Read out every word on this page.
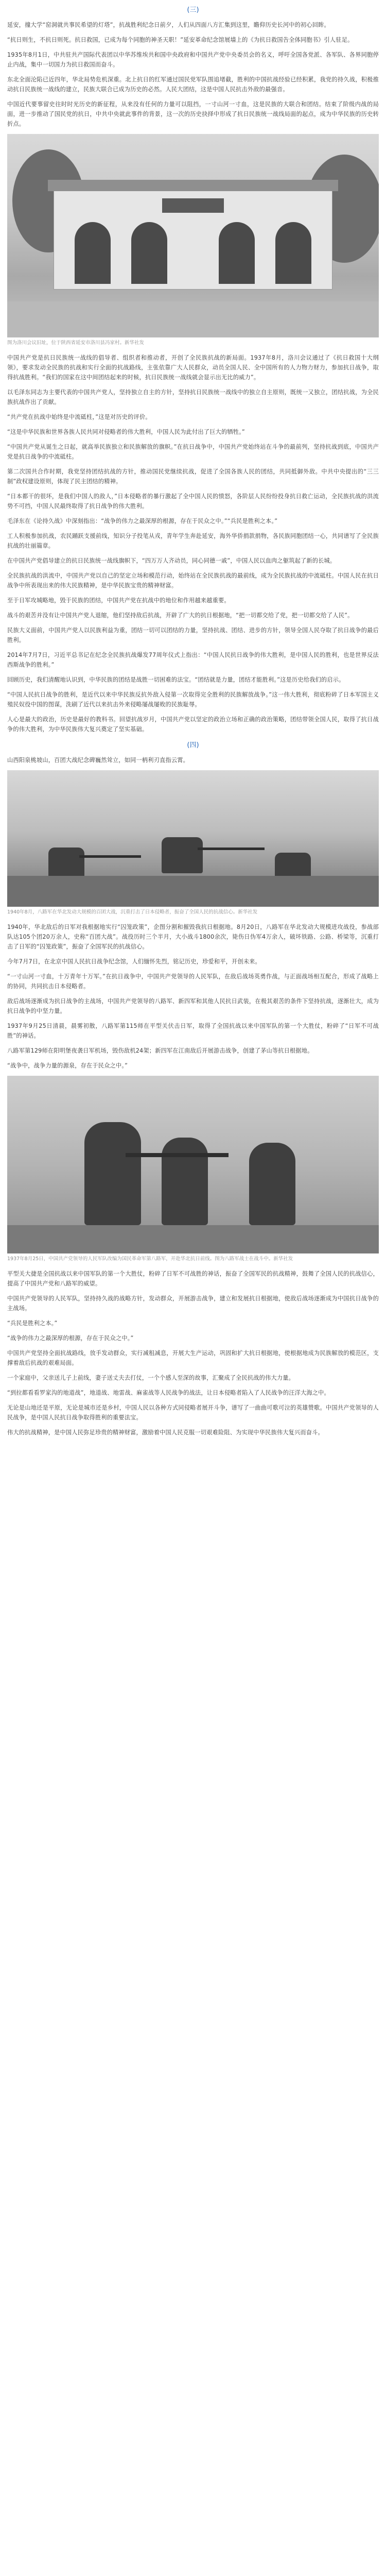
(三)

延安，撞大学“窑洞就共事民希望的灯塔”，抗战胜利纪念日前夕，人们从四面八方汇集到这里，瞻仰历史长河中的初心回眸。

“抗日则生，不抗日则死。抗日救国，已成为每个同胞的神圣天职！”延安革命纪念馆展墙上的《为抗日救国告全体同胞书》引人驻足。

1935年8月1日，中共驻共产国际代表团以中华苏维埃共和国中央政府和中国共产党中央委员会的名义，呼吁全国各党派、各军队、各界同胞停止内战，集中一切国力为抗日救国而奋斗。

东北全面沦陷已近四年，华北局势危机深重。北上抗日的红军通过国民党军队围追堵截，胜利的中国抗战经验已经积累，我党的持久战，积极推动抗日民族统一战线的建立，民族大联合已成为历史的必然。人民大团结，这是中国人民抗击外敌的最强音。

中国近代要事留史往时时光历史的新征程，从来没有任何的力量可以阻挡，一寸山河一寸血，这是民族的大联合和团结。结束了阶级内战的局面，进一步推动了国民党的抗日，中共中央就此事件的背景，这一次的历史抉择中形成了抗日民族统一战线局面的起点，成为中华民族的历史转折点。

图为洛川会议旧址，位于陕西省延安市洛川县冯家村。新华社发

中国共产党是抗日民族统一战线的倡导者、组织者和推动者，开创了全民族抗战的新局面。1937年8月，洛川会议通过了《抗日救国十大纲领》，要求发动全民族的抗战和实行全面的抗战路线，主张依靠广大人民群众，动员全国人民、全中国所有的人力物力财力，参加抗日战争，取得抗战胜利。“我们的国家在这中间团结起来的时候，抗日民族统一战线就会显示出无比的威力”。

以毛泽东同志为主要代表的中国共产党人，坚持独立自主的方针，坚持抗日民族统一战线中的独立自主原则，既统一又独立，团结抗战，为全民族抗战作出了贡献。

“共产党在抗战中始终是中流砥柱，”这是对历史的评价。

“这是中华民族和世界各族人民共同对侵略者的伟大胜利，中国人民为此付出了巨大的牺牲。”

“中国共产党从诞生之日起，就高举民族独立和民族解放的旗帜。”在抗日战争中，中国共产党始终站在斗争的最前列，坚持抗战到底，中国共产党是抗日战争的中流砥柱。

第二次国共合作时期，我党坚持团结抗战的方针，推动国民党继续抗战，促进了全国各族人民的团结，共同抵御外敌。中共中央提出的“三三制”政权建设原则，体现了民主团结的精神。

“日本都干的很坏，是我们中国人的敌人，”日本侵略者的暴行激起了全中国人民的愤怒，各阶层人民纷纷投身抗日救亡运动，全民族抗战的洪流势不可挡，中国人民最终取得了抗日战争的伟大胜利。

毛泽东在《论持久战》中深刻指出：“战争的伟力之最深厚的根源，存在于民众之中。”“兵民是胜利之本。”

工人积极参加抗战，农民踊跃支援前线，知识分子投笔从戎，青年学生奔赴延安，海外华侨捐款捐物，各民族同胞团结一心，共同谱写了全民族抗战的壮丽篇章。

在中国共产党倡导建立的抗日民族统一战线旗帜下，“四万万人齐动员，同心同德一戚”，中国人民以血肉之躯筑起了新的长城。

全民族抗战的洪流中，中国共产党以自己的坚定立场和模范行动，始终站在全民族抗战的最前线，成为全民族抗战的中流砥柱。中国人民在抗日战争中所表现出来的伟大民族精神，是中华民族宝贵的精神财富。

至于日军攻城略地，毁于民族的团结，中国共产党在抗战中的地位和作用越来越重要。

战斗的艰苦并没有让中国共产党人退缩，他们坚持敌后抗战，开辟了广大的抗日根据地，“把一切都交给了党，把一切都交给了人民”。

民族大义面前，中国共产党人以民族利益为重，团结一切可以团结的力量，坚持抗战、团结、进步的方针，领导全国人民夺取了抗日战争的最后胜利。

2014年7月7日，习近平总书记在纪念全民族抗战爆发77周年仪式上指出：“中国人民抗日战争的伟大胜利，是中国人民的胜利，也是世界反法西斯战争的胜利。”

回顾历史，我们清醒地认识到，中华民族的团结是战胜一切困难的法宝。“团结就是力量，团结才能胜利。”这是历史给我们的启示。

“中国人民抗日战争的胜利，是近代以来中华民族反抗外敌入侵第一次取得完全胜利的民族解放战争。”这一伟大胜利，彻底粉碎了日本军国主义殖民奴役中国的图谋，洗刷了近代以来抗击外来侵略屡战屡败的民族耻辱。

人心是最大的政治，历史是最好的教科书。回望抗战岁月，中国共产党以坚定的政治立场和正确的政治策略，团结带领全国人民，取得了抗日战争的伟大胜利，为中华民族伟大复兴奠定了坚实基础。

(四)

山西阳泉桃坡山，百团大战纪念碑巍然耸立，如同一柄利刃直指云霄。

1940年8月，八路军在华北发动大规模的百团大战，沉重打击了日本侵略者，振奋了全国人民的抗战信心。新华社发

1940年，华北敌后的日军对我根据地实行“囚笼政策”，企图分割和摧毁我抗日根据地。8月20日，八路军在华北发动大规模进攻战役，参战部队达105个团20万余人，史称“百团大战”。战役历时三个半月，大小战斗1800余次，毙伤日伪军4万余人，破坏铁路、公路、桥梁等，沉重打击了日军的“囚笼政策”，振奋了全国军民的抗战信心。

今年7月7日，在北京中国人民抗日战争纪念馆，人们缅怀先烈，铭记历史，珍爱和平，开创未来。

“一寸山河一寸血，十万青年十万军。”在抗日战争中，中国共产党领导的人民军队，在敌后战场英勇作战，与正面战场相互配合，形成了战略上的协同，共同抗击日本侵略者。

敌后战场逐渐成为抗日战争的主战场，中国共产党领导的八路军、新四军和其他人民抗日武装，在极其艰苦的条件下坚持抗战，逐渐壮大，成为抗日战争的中坚力量。

1937年9月25日清晨，晨雾初散，八路军第115师在平型关伏击日军，取得了全国抗战以来中国军队的第一个大胜仗，粉碎了“日军不可战胜”的神话。

八路军第129师在阳明堡夜袭日军机场，毁伤敌机24架；新四军在江南敌后开展游击战争，创建了茅山等抗日根据地。

“战争中，战争力量的源泉，存在于民众之中。”

1937年8月25日，中国共产党领导的人民军队改编为国民革命军第八路军，开赴华北抗日前线。图为八路军战士在战斗中。新华社发

平型关大捷是全国抗战以来中国军队的第一个大胜仗，粉碎了日军不可战胜的神话，振奋了全国军民的抗战精神，鼓舞了全国人民的抗战信心，提高了中国共产党和八路军的威望。

中国共产党领导的人民军队，坚持持久战的战略方针，发动群众，开展游击战争，建立和发展抗日根据地，使敌后战场逐渐成为中国抗日战争的主战场。

“兵民是胜利之本。”

“战争的伟力之最深厚的根源，存在于民众之中。”

中国共产党坚持全面抗战路线，放手发动群众，实行减租减息，开展大生产运动，巩固和扩大抗日根据地，使根据地成为民族解放的模范区，支撑着敌后抗战的艰难局面。

一个家庭中，父亲送儿子上前线，妻子送丈夫去打仗，一个个感人至深的故事，汇聚成了全民抗战的伟大力量。

“到拉都看看罗家沟的地道战”，地道战、地雷战、麻雀战等人民战争的战法，让日本侵略者陷入了人民战争的汪洋大海之中。

无论是山地还是平原，无论是城市还是乡村，中国人民以各种方式同侵略者展开斗争，谱写了一曲曲可歌可泣的英雄赞歌。中国共产党领导的人民战争，是中国人民抗日战争取得胜利的重要法宝。

伟大的抗战精神，是中国人民弥足珍贵的精神财富，激励着中国人民克服一切艰难险阻、为实现中华民族伟大复兴而奋斗。
